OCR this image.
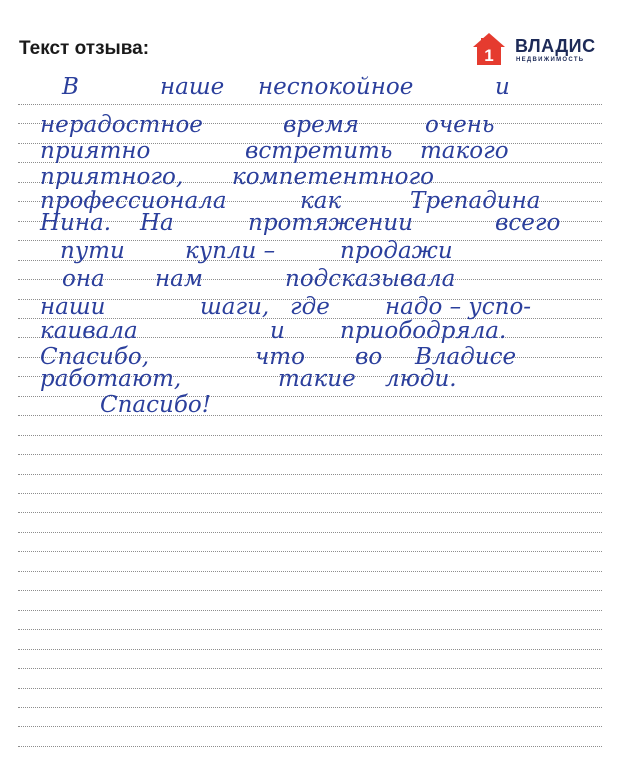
Текст отзыва:	1 ВЛАДИС
НЕДВИЖИМОСТЬ
В	наше неспокойное	и
нерадостное	время	очень
приятно	встретить такого
приятного, компетентного
профессионала	как	Трепадина
Нина. На	протяжении	всего
пути	купли –	продажи
она нам	подсказывала
наши	шаги, где надо – успо-
каивала	и приободряла.
Спасибо,	что во Владисе
работают,	такие люди.
Спасибо!
